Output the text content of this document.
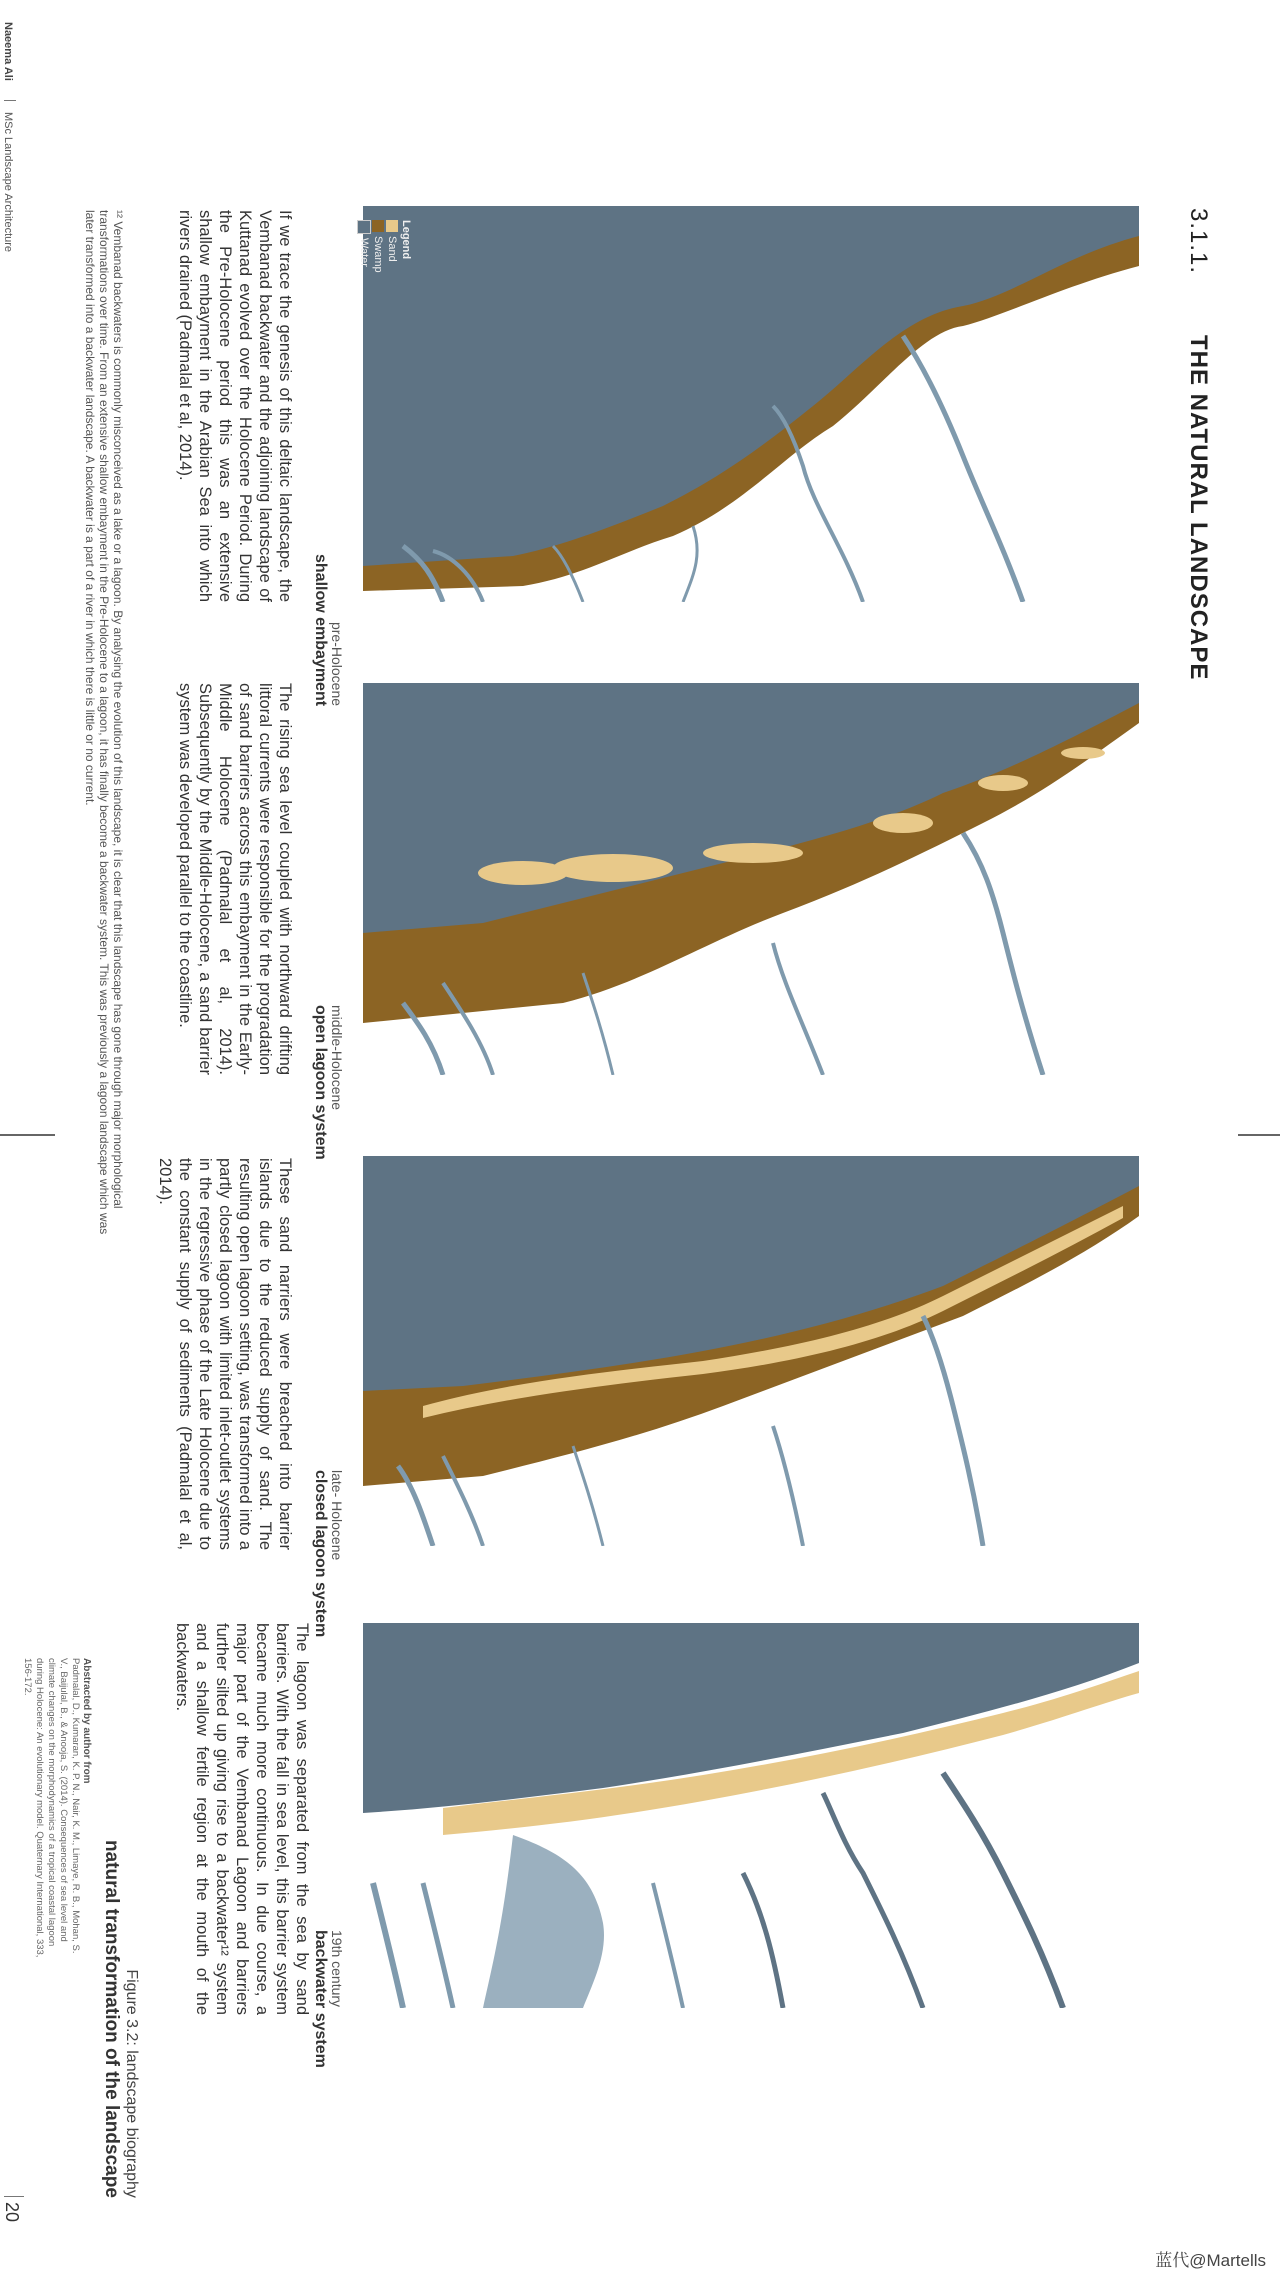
Naeema Ali
MSc Landscape Architecture	3.1.1.  THE NATURAL LANDSCAPE
Legend
Sand
Swamp
Water
pre-Holocene
shallow embayment
middle-Holocene
open lagoon system
late- Holocene
closed lagoon system
19th century
backwater system
If we trace the genesis of this deltaic landscape, the Vembanad backwater and the adjoining landscape of Kuttanad evolved over the Holocene Period. During the Pre-Holocene period this was an extensive shallow embayment in the Arabian Sea into which rivers drained (Padmalal et al, 2014).
The rising sea level coupled with northward drifting littoral currents were responsible for the progradation of sand barriers across this embayment in the Early-Middle Holocene (Padmalal et al, 2014). Subsequently by the Middle-Holocene, a sand barrier system was developed parallel to the coastline.
These sand narriers were breached into barrier islands due to the reduced supply of sand. The resulting open lagoon setting, was transformed into a partly closed lagoon with limited inlet-outlet systems in the regressive phase of the Late Holocene due to the constant supply of sediments (Padmalal et al, 2014).
The lagoon was separated from the sea by sand barriers. With the fall in sea level, this barrier system became much more continuous. In due course, a major part of the Vembanad Lagoon and barriers further silted up giving rise to a backwater¹² system and a shallow fertile region at the mouth of the backwaters.
¹² Vembanad backwaters is commonly misconceived as a lake or a lagoon. By analysing the evolution of this landscape, it is clear that this landscape has gone through major morphological transformations over time. From an extensive shallow embayment in the Pre-Holocene to a lagoon, it has finally become a backwater system. This was previously a lagoon landscape which was later transformed into a backwater landscape. A backwater is a part of a river in which there is little or no current.
Figure 3.2: landscape biography
natural transformation of the landscape
Abstracted by author from
Padmalal, D., Kumaran, K. P. N., Nair, K. M., Limaye, R. B., Mohan, S. V., Baijulal, B., & Anooja, S. (2014). Consequences of sea level and climate changes on the morphodynamics of a tropical coastal lagoon during Holocene: An evolutionary model. Quaternary International, 333, 156-172.
20
蓝代@Martells
